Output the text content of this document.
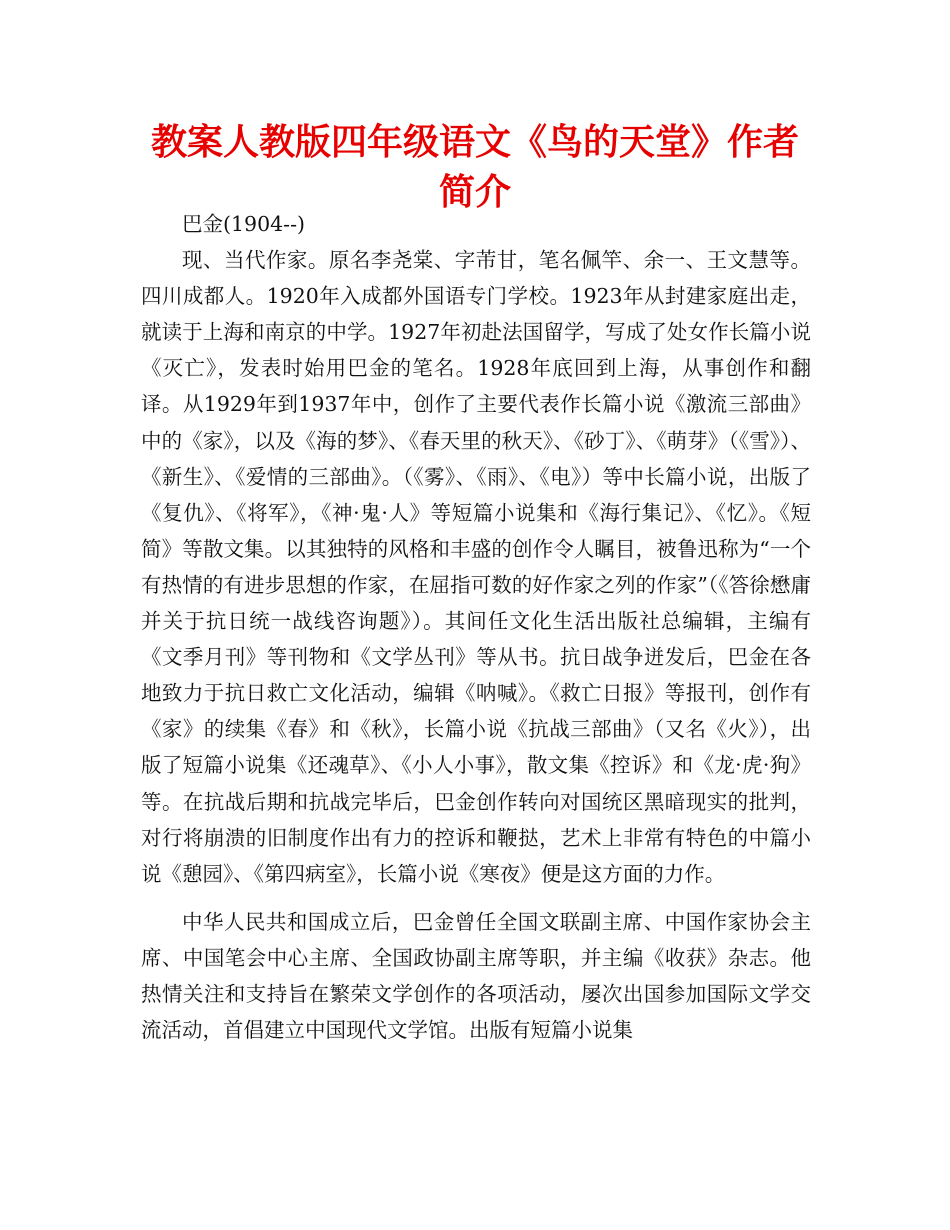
教案人教版四年级语文《鸟的天堂》作者简介

巴金(1904--)

现、当代作家。原名李尧棠、字芾甘，笔名佩竿、余一、王文慧等。四川成都人。1920年入成都外国语专门学校。1923年从封建家庭出走，就读于上海和南京的中学。1927年初赴法国留学，写成了处女作长篇小说《灭亡》，发表时始用巴金的笔名。1928年底回到上海，从事创作和翻译。从1929年到1937年中，创作了主要代表作长篇小说《激流三部曲》中的《家》，以及《海的梦》、《春天里的秋天》、《砂丁》、《萌芽》（《雪》）、《新生》、《爱情的三部曲》。（《雾》、《雨》、《电》）等中长篇小说，出版了《复仇》、《将军》，《神·鬼·人》等短篇小说集和《海行集记》、《忆》。《短简》等散文集。以其独特的风格和丰盛的创作令人瞩目，被鲁迅称为“一个有热情的有进步思想的作家，在屈指可数的好作家之列的作家”（《答徐懋庸并关于抗日统一战线咨询题》）。其间任文化生活出版社总编辑，主编有《文季月刊》等刊物和《文学丛刊》等从书。抗日战争迸发后，巴金在各地致力于抗日救亡文化活动，编辑《呐喊》。《救亡日报》等报刊，创作有《家》的续集《春》和《秋》，长篇小说《抗战三部曲》（又名《火》），出版了短篇小说集《还魂草》、《小人小事》，散文集《控诉》和《龙·虎·狗》等。在抗战后期和抗战完毕后，巴金创作转向对国统区黑暗现实的批判，对行将崩溃的旧制度作出有力的控诉和鞭挞，艺术上非常有特色的中篇小说《憩园》、《第四病室》，长篇小说《寒夜》便是这方面的力作。

中华人民共和国成立后，巴金曾任全国文联副主席、中国作家协会主席、中国笔会中心主席、全国政协副主席等职，并主编《收获》杂志。他热情关注和支持旨在繁荣文学创作的各项活动，屡次出国参加国际文学交流活动，首倡建立中国现代文学馆。出版有短篇小说集
